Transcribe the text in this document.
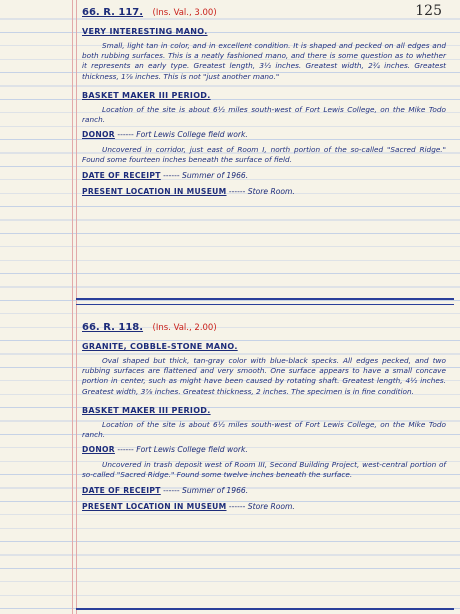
125
66. R. 117. (Ins. Val., 3.00)
VERY INTERESTING MANO.
Small, light tan in color, and in excellent condition. It is shaped and pecked on all edges and both rubbing surfaces. This is a neatly fashioned mano, and there is some question as to whether it represents an early type. Greatest length, 3½ inches. Greatest width, 2¾ inches. Greatest thickness, 1⅞ inches. This is not "just another mano."
BASKET MAKER III PERIOD.
Location of the site is about 6½ miles south-west of Fort Lewis College, on the Mike Todo ranch.
DONOR ------ Fort Lewis College field work.
Uncovered in corridor, just east of Room I, north portion of the so-called "Sacred Ridge." Found some fourteen inches beneath the surface of field.
DATE OF RECEIPT ------ Summer of 1966.
PRESENT LOCATION IN MUSEUM ------ Store Room.
66. R. 118. (Ins. Val., 2.00)
GRANITE, COBBLE-STONE MANO.
Oval shaped but thick, tan-gray color with blue-black specks. All edges pecked, and two rubbing surfaces are flattened and very smooth. One surface appears to have a small concave portion in center, such as might have been caused by rotating shaft. Greatest length, 4½ inches. Greatest width, 3⅞ inches. Greatest thickness, 2 inches. The specimen is in fine condition.
BASKET MAKER III PERIOD.
Location of the site is about 6½ miles south-west of Fort Lewis College, on the Mike Todo ranch.
DONOR ------ Fort Lewis College field work.
Uncovered in trash deposit west of Room III, Second Building Project, west-central portion of so-called "Sacred Ridge." Found some twelve inches beneath the surface.
DATE OF RECEIPT ------ Summer of 1966.
PRESENT LOCATION IN MUSEUM ------ Store Room.
